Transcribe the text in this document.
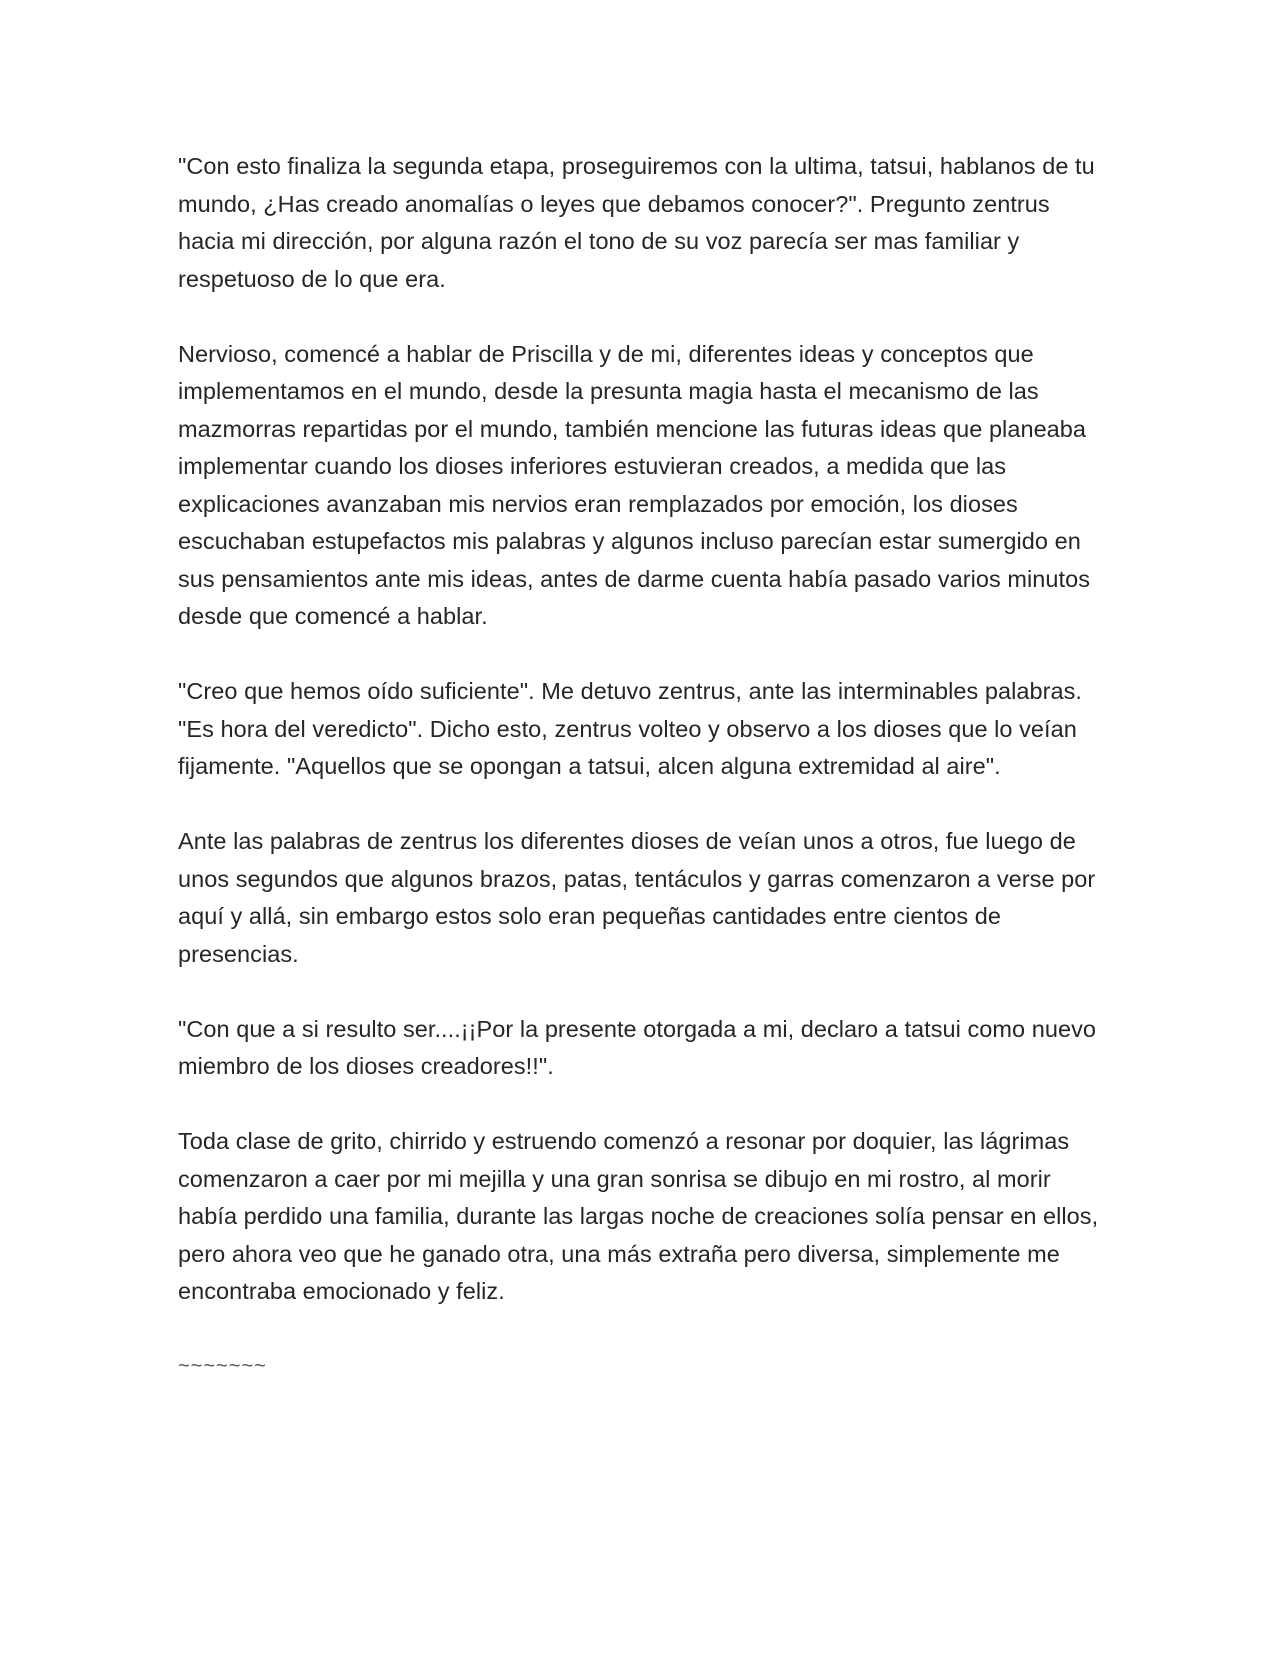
"Con esto finaliza la segunda etapa, proseguiremos con la ultima, tatsui, hablanos de tu mundo, ¿Has creado anomalías o leyes que debamos conocer?". Pregunto zentrus hacia mi dirección, por alguna razón el tono de su voz parecía ser mas familiar y respetuoso de lo que era.

Nervioso, comencé a hablar de Priscilla y de mi, diferentes ideas y conceptos que implementamos en el mundo, desde la presunta magia hasta el mecanismo de las mazmorras repartidas por el mundo, también mencione las futuras ideas que planeaba implementar cuando los dioses inferiores estuvieran creados, a medida que las explicaciones avanzaban mis nervios eran remplazados por emoción, los dioses escuchaban estupefactos mis palabras y algunos incluso parecían estar sumergido en sus pensamientos ante mis ideas, antes de darme cuenta había pasado varios minutos desde que comencé a hablar.

"Creo que hemos oído suficiente". Me detuvo zentrus, ante las interminables palabras. "Es hora del veredicto". Dicho esto, zentrus volteo y observo a los dioses que lo veían fijamente. "Aquellos que se opongan a tatsui, alcen alguna extremidad al aire".

Ante las palabras de zentrus los diferentes dioses de veían unos a otros, fue luego de unos segundos que algunos brazos, patas, tentáculos y garras comenzaron a verse por aquí y allá, sin embargo estos solo eran pequeñas cantidades entre cientos de presencias.

"Con que a si resulto ser....¡¡Por la presente otorgada a mi, declaro a tatsui como nuevo miembro de los dioses creadores!!".

Toda clase de grito, chirrido y estruendo comenzó a resonar por doquier, las lágrimas comenzaron a caer por mi mejilla y una gran sonrisa se dibujo en mi rostro, al morir había perdido una familia, durante las largas noche de creaciones solía pensar en ellos, pero ahora veo que he ganado otra, una más extraña pero diversa, simplemente me encontraba emocionado y feliz.

~~~~~~~
